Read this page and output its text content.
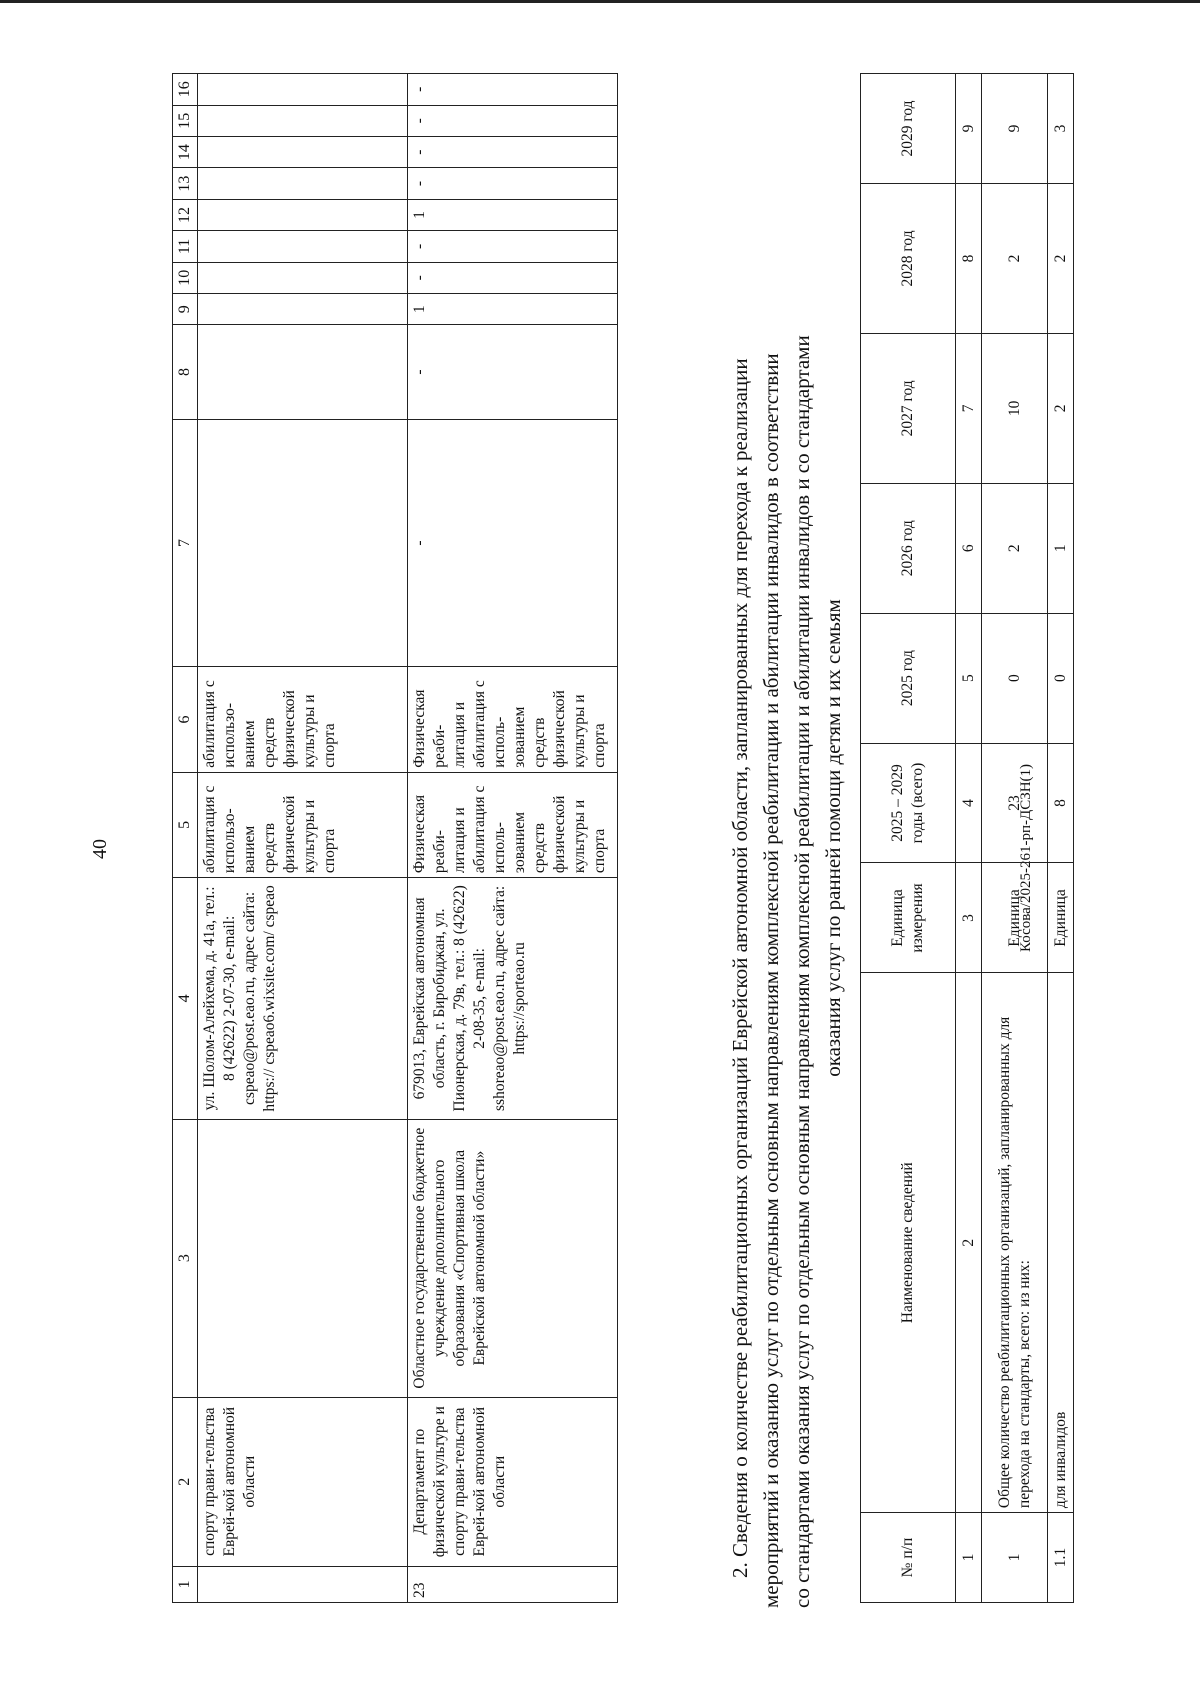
40	Косова/2025-261-рп-ДСЗН(1)
1	2	3	4	5	6	7	8	9	10	11	12	13	14	15	16
	спорту прави-тельства Еврей-кой автономной области		ул. Шолом-Алейхема, д. 41а, тел.: 8 (42622) 2-07-30, e-mail: cspeao@post.eao.ru, адрес сайта: https:// cspeao6.wixsite.com/ cspeao	абилитация с использо-ванием средств физической культуры и спорта	абилитация с использо-ванием средств физической культуры и спорта										
23	Департамент по физической культуре и спорту прави-тельства Еврей-кой автономной области	Областное государственное бюджетное учреждение дополнительного образования «Спортивная школа Еврейской автономной области»	679013, Еврейская автономная область, г. Биробиджан, ул. Пионерская, д. 79в, тел.: 8 (42622) 2-08-35, e-mail: sshoreao@post.eao.ru, адрес сайта: https://sporteao.ru	Физическая реаби-литация и абилитация с исполь-зованием средств физической культуры и спорта	Физическая реаби-литация и абилитация с исполь-зованием средств физической культуры и спорта	-	-	1	-	-	1	-	-	-	-
2. Сведения о количестве реабилитационных организаций Еврейской автономной области, запланированных для перехода к реализации мероприятий и оказанию услуг по отдельным основным направлениям комплексной реабилитации и абилитации инвалидов в соответствии со стандартами оказания услуг по отдельным основным направлениям комплексной реабилитации и абилитации инвалидов и со стандартами оказания услуг по ранней помощи детям и их семьям
№ п/п	Наименование сведений	Единица измерения	2025 – 2029 годы (всего)	2025 год	2026 год	2027 год	2028 год	2029 год
1	2	3	4	5	6	7	8	9
1	Общее количество реабилитационных организаций, запланированных для перехода на стандарты, всего: из них:	Единица	23	0	2	10	2	9
1.1	для инвалидов	Единица	8	0	1	2	2	3
